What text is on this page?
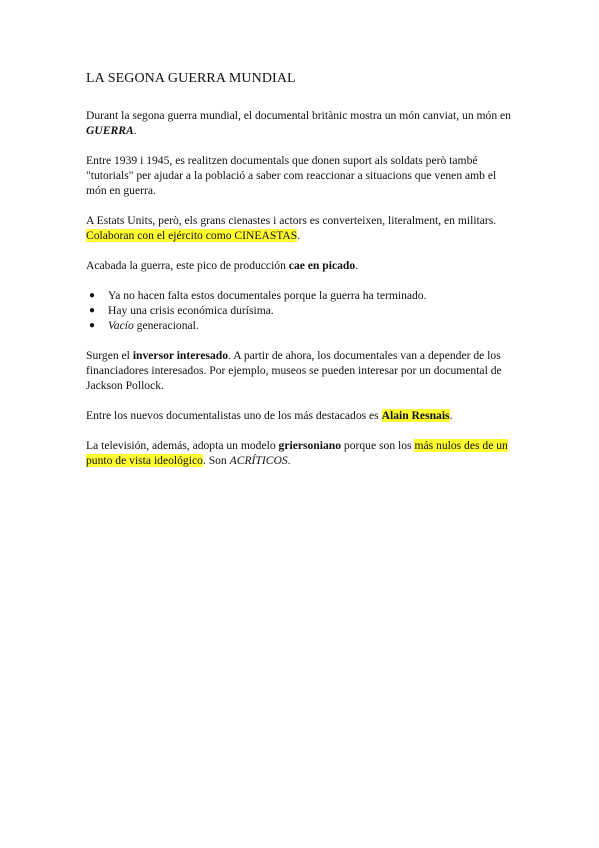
LA SEGONA GUERRA MUNDIAL

Durant la segona guerra mundial, el documental britànic mostra un món canviat, un món en GUERRA.

Entre 1939 i 1945, es realitzen documentals que donen suport als soldats però també "tutorials" per ajudar a la població a saber com reaccionar a situacions que venen amb el món en guerra.

A Estats Units, però, els grans cienastes i actors es converteixen, literalment, en militars. Colaboran con el ejército como CINEASTAS.

Acabada la guerra, este pico de producción cae en picado.

● Ya no hacen falta estos documentales porque la guerra ha terminado.
● Hay una crisis económica durísima.
● Vacío generacional.

Surgen el inversor interesado. A partir de ahora, los documentales van a depender de los financiadores interesados. Por ejemplo, museos se pueden interesar por un documental de Jackson Pollock.

Entre los nuevos documentalistas uno de los más destacados es Alain Resnais.

La televisión, además, adopta un modelo griersoniano porque son los más nulos des de un punto de vista ideológico. Son ACRÍTICOS.
